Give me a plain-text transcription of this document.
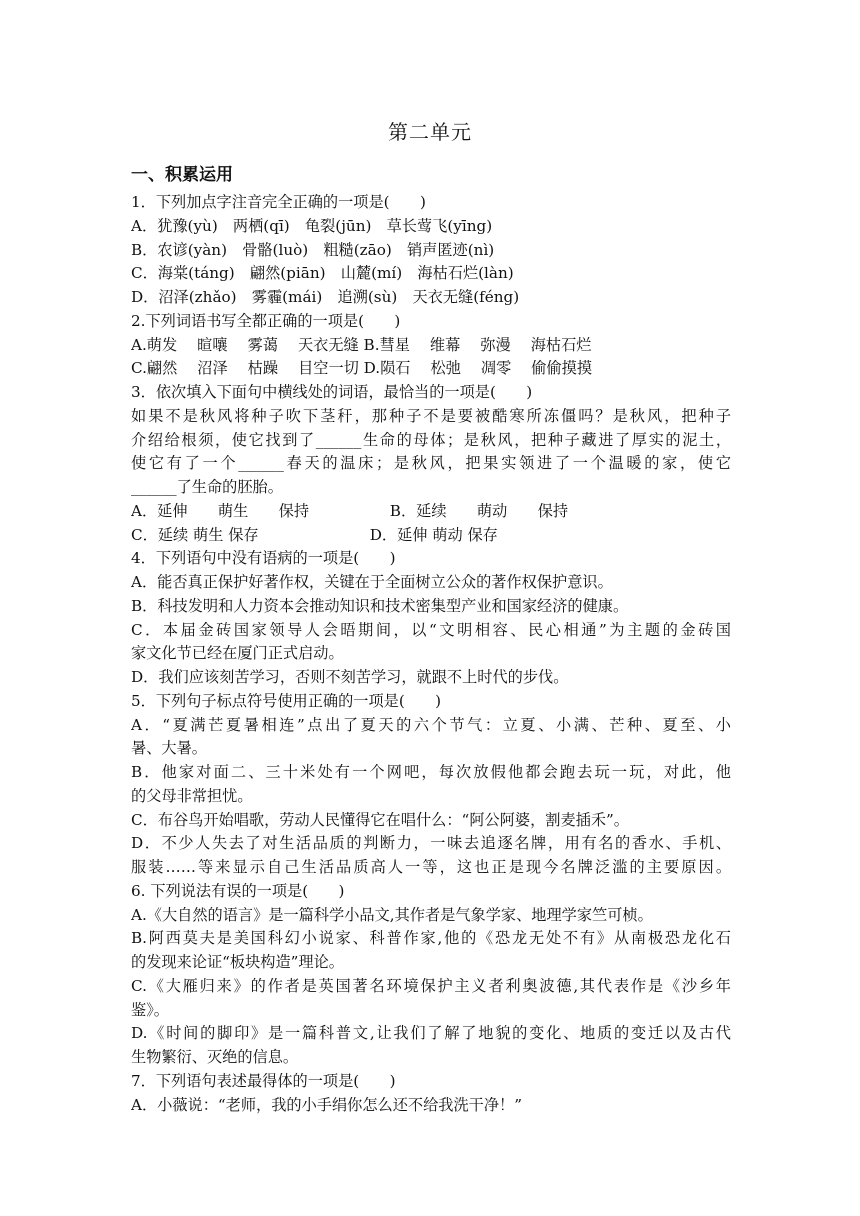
第二单元
一、积累运用
1．下列加点字注音完全正确的一项是(　　)
A．犹豫(yù)　两栖(qī)　龟裂(jūn)　草长莺飞(yīng)
B．农谚(yàn)　骨骼(luò)　粗糙(zāo)　销声匿迹(nì)
C．海棠(táng)　翩然(piān)　山麓(mí)　海枯石烂(làn)
D．沼泽(zhǎo)　雾霾(mái)　追溯(sù)　天衣无缝(féng)
2.下列词语书写全都正确的一项是(　　)
A.萌发　 暄嚷　 雾蔼　 天衣无缝 B.彗星　 维幕　 弥漫　 海枯石烂
C.翩然　 沼泽　 枯躁　 目空一切 D.陨石　 松弛　 凋零　 偷偷摸摸
3．依次填入下面句中横线处的词语，最恰当的一项是(　　)
如果不是秋风将种子吹下茎秆，那种子不是要被酷寒所冻僵吗？是秋风，把种子
介绍给根须，使它找到了______生命的母体；是秋风，把种子藏进了厚实的泥土，
使它有了一个______春天的温床；是秋风，把果实领进了一个温暖的家，使它
______了生命的胚胎。
A．延伸　　萌生　　保持　　　　　 B．延续　　萌动　　保持
C．延续 萌生 保存　　　　　　　 D．延伸 萌动 保存
4．下列语句中没有语病的一项是(　　)
A．能否真正保护好著作权，关键在于全面树立公众的著作权保护意识。
B．科技发明和人力资本会推动知识和技术密集型产业和国家经济的健康。
C．本届金砖国家领导人会晤期间，以“文明相容、民心相通”为主题的金砖国
家文化节已经在厦门正式启动。
D．我们应该刻苦学习，否则不刻苦学习，就跟不上时代的步伐。
5．下列句子标点符号使用正确的一项是(　　)
A．“夏满芒夏暑相连”点出了夏天的六个节气：立夏、小满、芒种、夏至、小
暑、大暑。
B．他家对面二、三十米处有一个网吧，每次放假他都会跑去玩一玩，对此，他
的父母非常担忧。
C．布谷鸟开始唱歌，劳动人民懂得它在唱什么：“阿公阿婆，割麦插禾”。
D．不少人失去了对生活品质的判断力，一味去追逐名牌，用有名的香水、手机、
服装……等来显示自己生活品质高人一等，这也正是现今名牌泛滥的主要原因。
6. 下列说法有误的一项是(　　)
A.《大自然的语言》是一篇科学小品文,其作者是气象学家、地理学家竺可桢。
B.阿西莫夫是美国科幻小说家、科普作家,他的《恐龙无处不有》从南极恐龙化石
的发现来论证“板块构造”理论。
C.《大雁归来》的作者是英国著名环境保护主义者利奥波德,其代表作是《沙乡年
鉴》。
D.《时间的脚印》是一篇科普文,让我们了解了地貌的变化、地质的变迁以及古代
生物繁衍、灭绝的信息。
7．下列语句表述最得体的一项是(　　)
A．小薇说：“老师，我的小手绢你怎么还不给我洗干净！”
